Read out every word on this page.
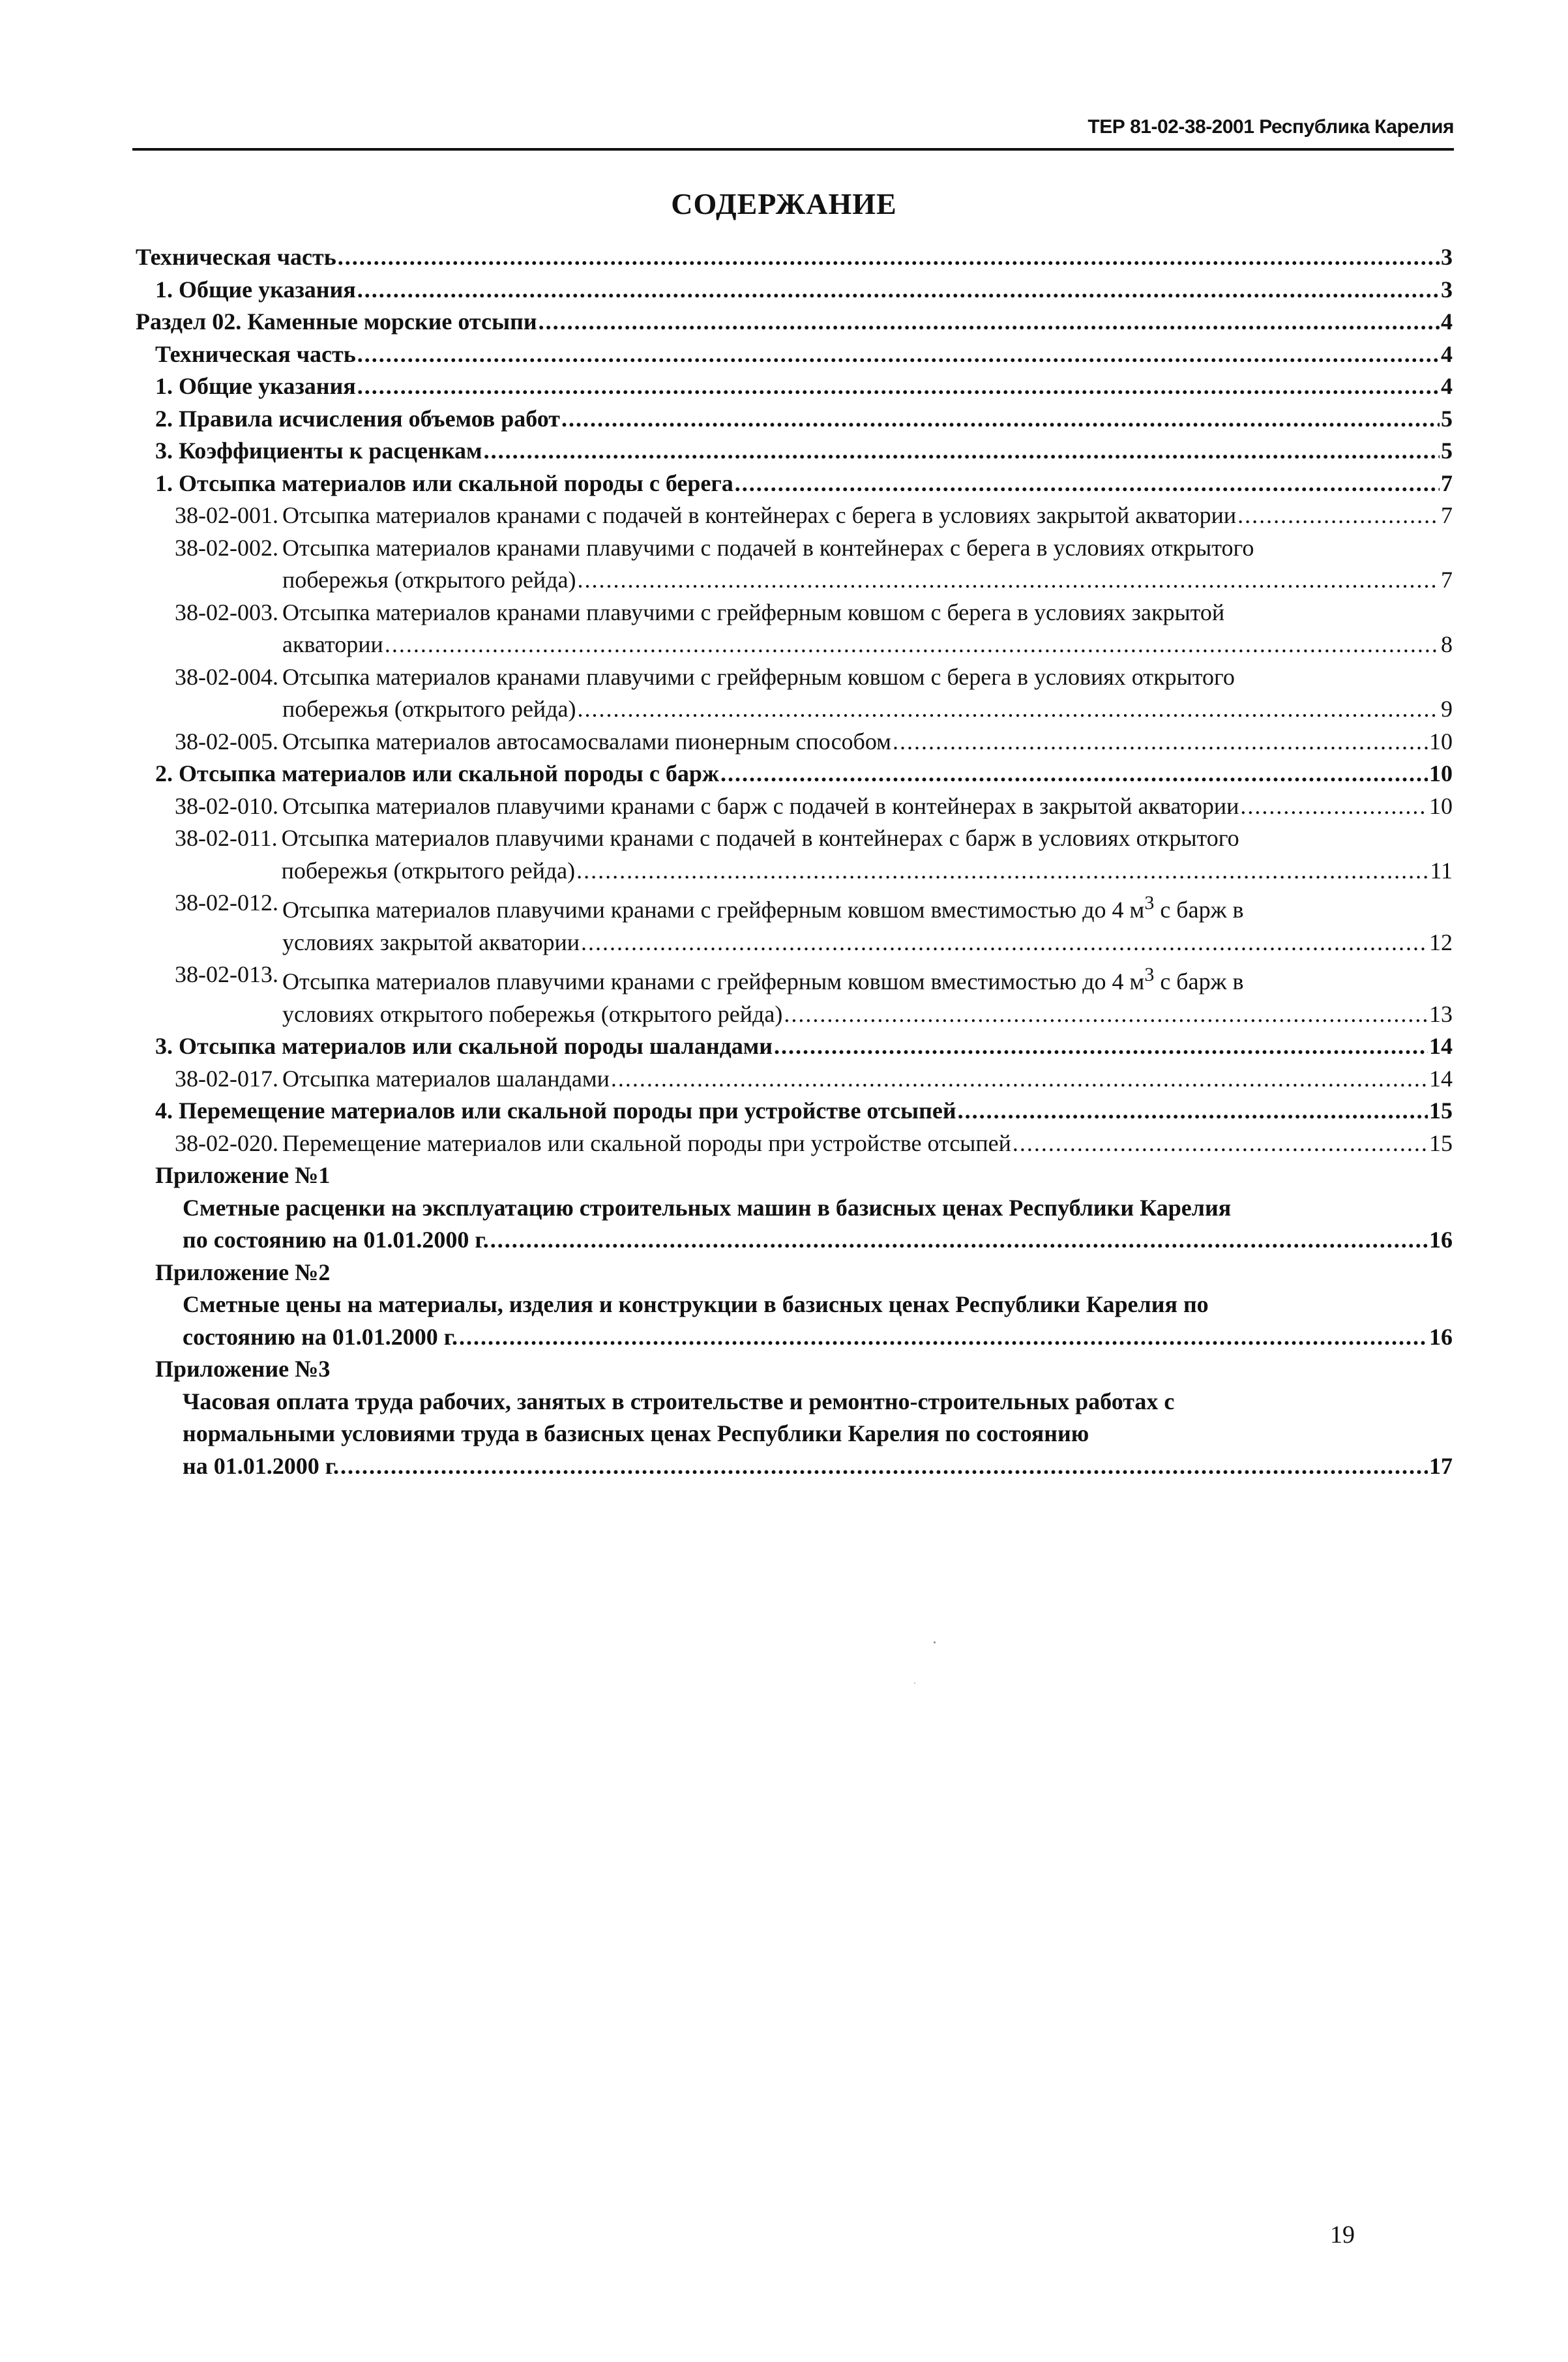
ТЕР 81-02-38-2001 Республика Карелия
СОДЕРЖАНИЕ
Техническая часть .....	3
1. Общие указания .....	3
Раздел 02. Каменные морские отсыпи .....	4
Техническая часть .....	4
1. Общие указания .....	4
2. Правила исчисления объемов работ .....	5
3. Коэффициенты к расценкам .....	5
1. Отсыпка материалов или скальной породы с берега .....	7
38-02-001. Отсыпка материалов кранами с подачей в контейнерах с берега в условиях закрытой акватории .....	7
38-02-002. Отсыпка материалов кранами плавучими с подачей в контейнерах с берега в условиях открытого
побережья (открытого рейда) .....	7
38-02-003. Отсыпка материалов кранами плавучими с грейферным ковшом с берега в условиях закрытой
акватории .....	8
38-02-004. Отсыпка материалов кранами плавучими с грейферным ковшом с берега в условиях открытого
побережья (открытого рейда) .....	9
38-02-005. Отсыпка материалов автосамосвалами пионерным способом .....	10
2. Отсыпка материалов или скальной породы с барж .....	10
38-02-010. Отсыпка материалов плавучими кранами с барж с подачей в контейнерах в закрытой акватории .....	10
38-02-011. Отсыпка материалов плавучими кранами с подачей в контейнерах с барж в условиях открытого
побережья (открытого рейда) .....	11
38-02-012. Отсыпка материалов плавучими кранами с грейферным ковшом вместимостью до 4 $м^3$ с барж в
условиях закрытой акватории .....	12
38-02-013. Отсыпка материалов плавучими кранами с грейферным ковшом вместимостью до 4 $м^3$ с барж в
условиях открытого побережья (открытого рейда) .....	13
3. Отсыпка материалов или скальной породы шаландами .....	14
38-02-017. Отсыпка материалов шаландами .....	14
4. Перемещение материалов или скальной породы при устройстве отсыпей .....	15
38-02-020. Перемещение материалов или скальной породы при устройстве отсыпей .....	15
Приложение №1
Сметные расценки на эксплуатацию строительных машин в базисных ценах Республики Карелия
по состоянию на 01.01.2000 г. .....	16
Приложение №2
Сметные цены на материалы, изделия и конструкции в базисных ценах Республики Карелия по
состоянию на 01.01.2000 г. .....	16
Приложение №3
Часовая оплата труда рабочих, занятых в строительстве и ремонтно-строительных работах с
нормальными условиями труда в базисных ценах Республики Карелия по состоянию
на 01.01.2000 г. .....	17
19
